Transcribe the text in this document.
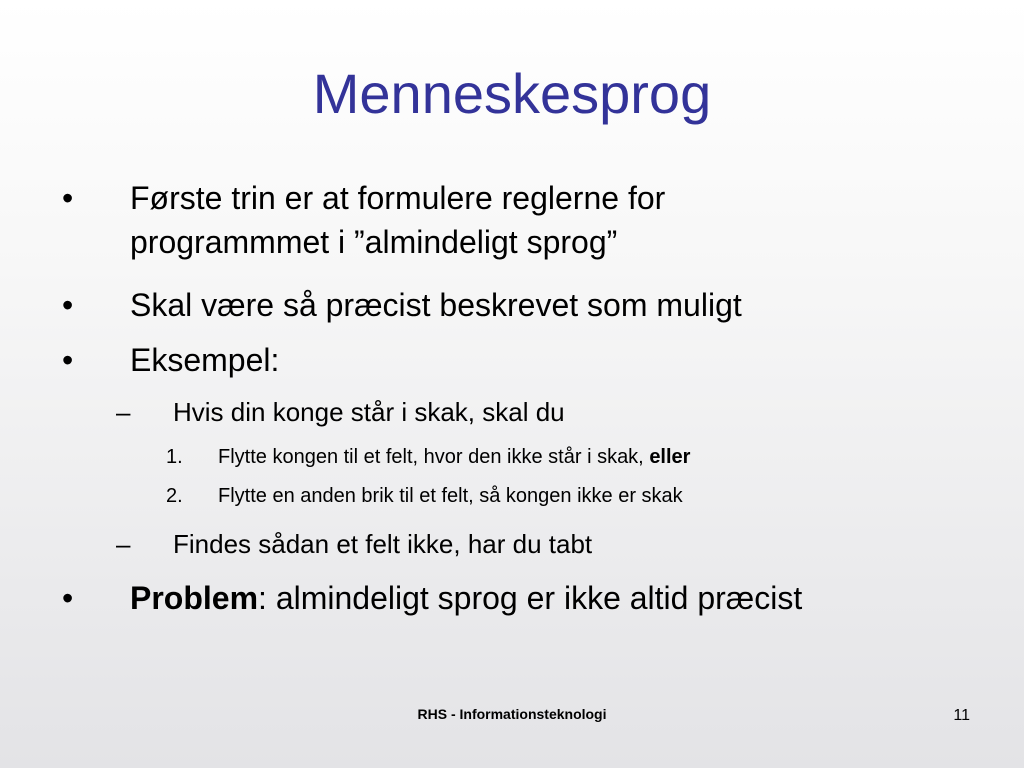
Menneskesprog
• Første trin er at formulere reglerne for programmmet i ”almindeligt sprog”
• Skal være så præcist beskrevet som muligt
• Eksempel:
– Hvis din konge står i skak, skal du
1. Flytte kongen til et felt, hvor den ikke står i skak, eller
2. Flytte en anden brik til et felt, så kongen ikke er skak
– Findes sådan et felt ikke, har du tabt
• Problem: almindeligt sprog er ikke altid præcist
RHS - Informationsteknologi	11
